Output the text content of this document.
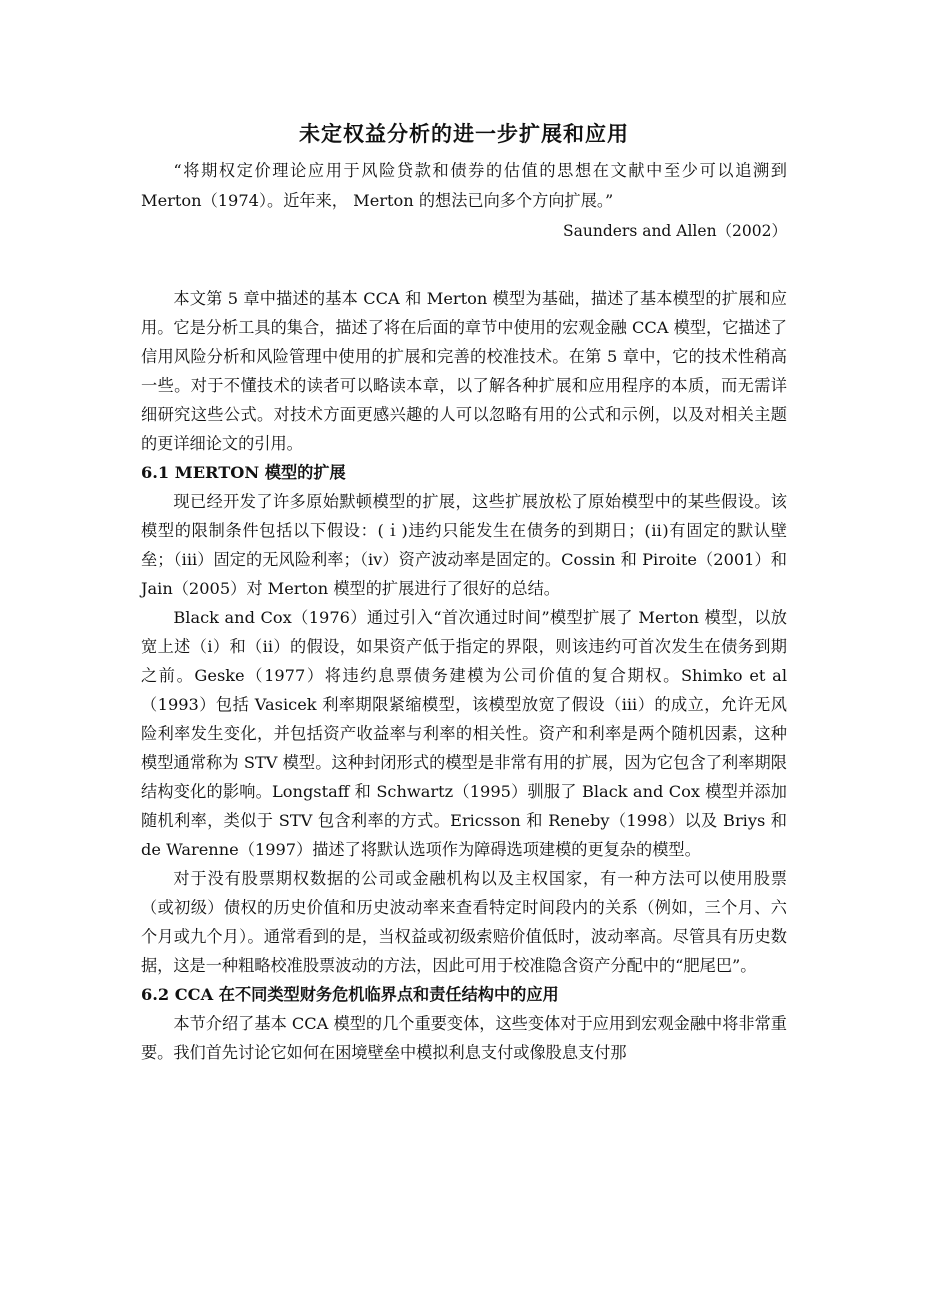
未定权益分析的进一步扩展和应用

“将期权定价理论应用于风险贷款和债券的估值的思想在文献中至少可以追溯到 Merton（1974）。近年来， Merton 的想法已向多个方向扩展。”

Saunders and Allen（2002）

本文第 5 章中描述的基本 CCA 和 Merton 模型为基础，描述了基本模型的扩展和应用。它是分析工具的集合，描述了将在后面的章节中使用的宏观金融 CCA 模型，它描述了信用风险分析和风险管理中使用的扩展和完善的校准技术。在第 5 章中，它的技术性稍高一些。对于不懂技术的读者可以略读本章，以了解各种扩展和应用程序的本质，而无需详细研究这些公式。对技术方面更感兴趣的人可以忽略有用的公式和示例，以及对相关主题的更详细论文的引用。

6.1 MERTON 模型的扩展

现已经开发了许多原始默顿模型的扩展，这些扩展放松了原始模型中的某些假设。该模型的限制条件包括以下假设：(ｉ)违约只能发生在债务的到期日；(ⅱ)有固定的默认壁垒；（iii）固定的无风险利率；（iv）资产波动率是固定的。Cossin 和 Piroite（2001）和 Jain（2005）对 Merton 模型的扩展进行了很好的总结。

Black and Cox（1976）通过引入“首次通过时间”模型扩展了 Merton 模型，以放宽上述（i）和（ii）的假设，如果资产低于指定的界限，则该违约可首次发生在债务到期之前。Geske（1977）将违约息票债务建模为公司价值的复合期权。Shimko et al（1993）包括 Vasicek 利率期限紧缩模型，该模型放宽了假设（iii）的成立，允许无风险利率发生变化，并包括资产收益率与利率的相关性。资产和利率是两个随机因素，这种模型通常称为 STV 模型。这种封闭形式的模型是非常有用的扩展，因为它包含了利率期限结构变化的影响。Longstaff 和 Schwartz（1995）驯服了 Black and Cox 模型并添加随机利率，类似于 STV 包含利率的方式。Ericsson 和 Reneby（1998）以及 Briys 和 de Warenne（1997）描述了将默认选项作为障碍选项建模的更复杂的模型。

对于没有股票期权数据的公司或金融机构以及主权国家，有一种方法可以使用股票（或初级）债权的历史价值和历史波动率来查看特定时间段内的关系（例如，三个月、六个月或九个月）。通常看到的是，当权益或初级索赔价值低时，波动率高。尽管具有历史数据，这是一种粗略校准股票波动的方法，因此可用于校准隐含资产分配中的“肥尾巴”。

6.2 CCA 在不同类型财务危机临界点和责任结构中的应用

本节介绍了基本 CCA 模型的几个重要变体，这些变体对于应用到宏观金融中将非常重要。我们首先讨论它如何在困境壁垒中模拟利息支付或像股息支付那
